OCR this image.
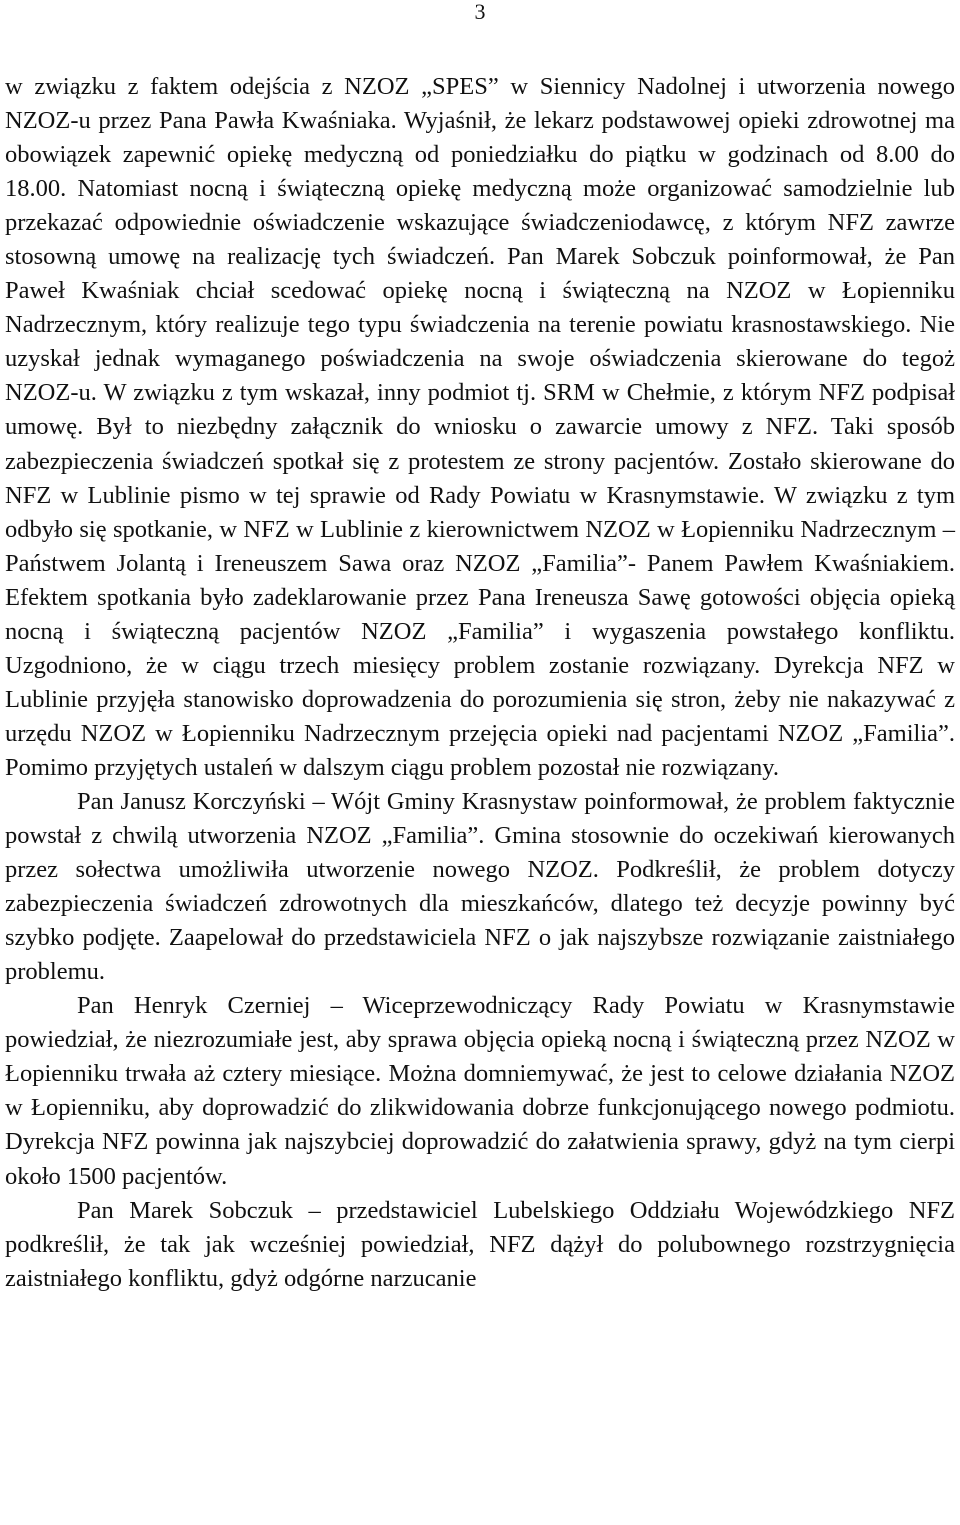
3

w związku z faktem odejścia z NZOZ „SPES” w Siennicy Nadolnej i utworzenia nowego NZOZ-u przez Pana Pawła Kwaśniaka. Wyjaśnił, że lekarz podstawowej opieki zdrowotnej ma obowiązek zapewnić opiekę medyczną od poniedziałku do piątku w godzinach od 8.00 do 18.00. Natomiast nocną i świąteczną opiekę medyczną może organizować samodzielnie lub przekazać odpowiednie oświadczenie wskazujące świadczeniodawcę, z którym NFZ zawrze stosowną umowę na realizację tych świadczeń. Pan Marek Sobczuk poinformował, że Pan Paweł Kwaśniak chciał scedować opiekę nocną i świąteczną na NZOZ w Łopienniku Nadrzecznym, który realizuje tego typu świadczenia na terenie powiatu krasnostawskiego. Nie uzyskał jednak wymaganego poświadczenia na swoje oświadczenia skierowane do tegoż NZOZ-u. W związku z tym wskazał, inny podmiot tj. SRM w Chełmie, z którym NFZ podpisał umowę. Był to niezbędny załącznik do wniosku o zawarcie umowy z NFZ. Taki sposób zabezpieczenia świadczeń spotkał się z protestem ze strony pacjentów. Zostało skierowane do NFZ w Lublinie pismo w tej sprawie od Rady Powiatu w Krasnymstawie. W związku z tym odbyło się spotkanie, w NFZ w Lublinie z kierownictwem NZOZ w Łopienniku Nadrzecznym – Państwem Jolantą i Ireneuszem Sawa oraz NZOZ „Familia”- Panem Pawłem Kwaśniakiem. Efektem spotkania było zadeklarowanie przez Pana Ireneusza Sawę gotowości objęcia opieką nocną i świąteczną pacjentów NZOZ „Familia” i wygaszenia powstałego konfliktu. Uzgodniono, że w ciągu trzech miesięcy problem zostanie rozwiązany. Dyrekcja NFZ w Lublinie przyjęła stanowisko doprowadzenia do porozumienia się stron, żeby nie nakazywać z urzędu NZOZ w Łopienniku Nadrzecznym przejęcia opieki nad pacjentami NZOZ „Familia”. Pomimo przyjętych ustaleń w dalszym ciągu problem pozostał nie rozwiązany.

Pan Janusz Korczyński – Wójt Gminy Krasnystaw poinformował, że problem faktycznie powstał z chwilą utworzenia NZOZ „Familia”. Gmina stosownie do oczekiwań kierowanych przez sołectwa umożliwiła utworzenie nowego NZOZ. Podkreślił, że problem dotyczy zabezpieczenia świadczeń zdrowotnych dla mieszkańców, dlatego też decyzje powinny być szybko podjęte. Zaapelował do przedstawiciela NFZ o jak najszybsze rozwiązanie zaistniałego problemu.

Pan Henryk Czerniej – Wiceprzewodniczący Rady Powiatu w Krasnymstawie powiedział, że niezrozumiałe jest, aby sprawa objęcia opieką nocną i świąteczną przez NZOZ w Łopienniku trwała aż cztery miesiące. Można domniemywać, że jest to celowe działania NZOZ w Łopienniku, aby doprowadzić do zlikwidowania dobrze funkcjonującego nowego podmiotu. Dyrekcja NFZ powinna jak najszybciej doprowadzić do załatwienia sprawy, gdyż na tym cierpi około 1500 pacjentów.

Pan Marek Sobczuk – przedstawiciel Lubelskiego Oddziału Wojewódzkiego NFZ podkreślił, że tak jak wcześniej powiedział, NFZ dążył do polubownego rozstrzygnięcia zaistniałego konfliktu, gdyż odgórne narzucanie
